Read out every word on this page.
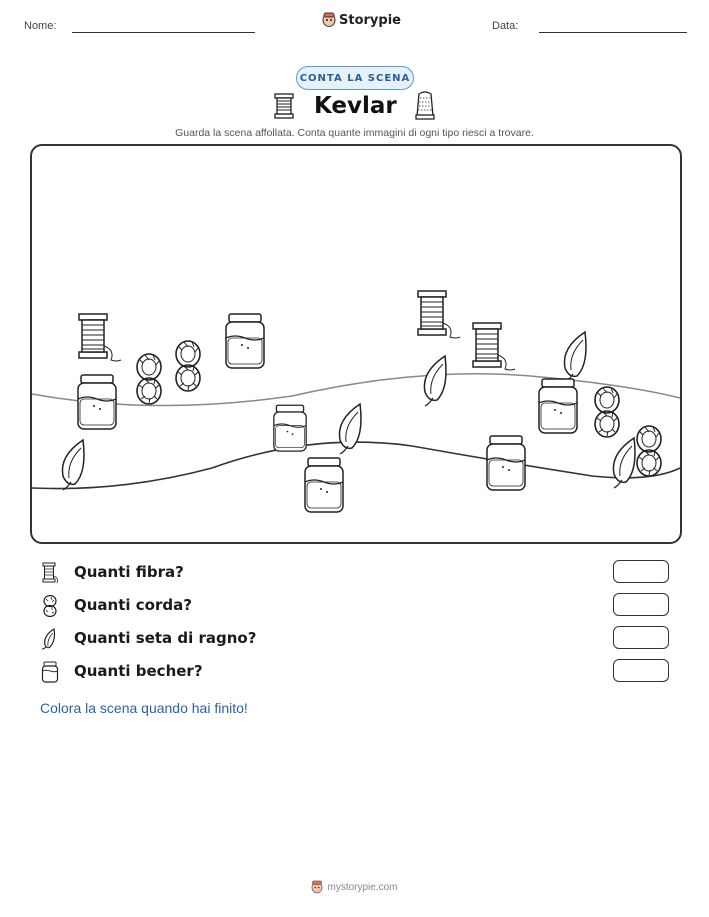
Nome:	Storypie	Data:
CONTA LA SCENA
Kevlar
Guarda la scena affollata. Conta quante immagini di ogni tipo riesci a trovare.
Quanti fibra?
Quanti corda?
Quanti seta di ragno?
Quanti becher?
Colora la scena quando hai finito!
mystorypie.com
